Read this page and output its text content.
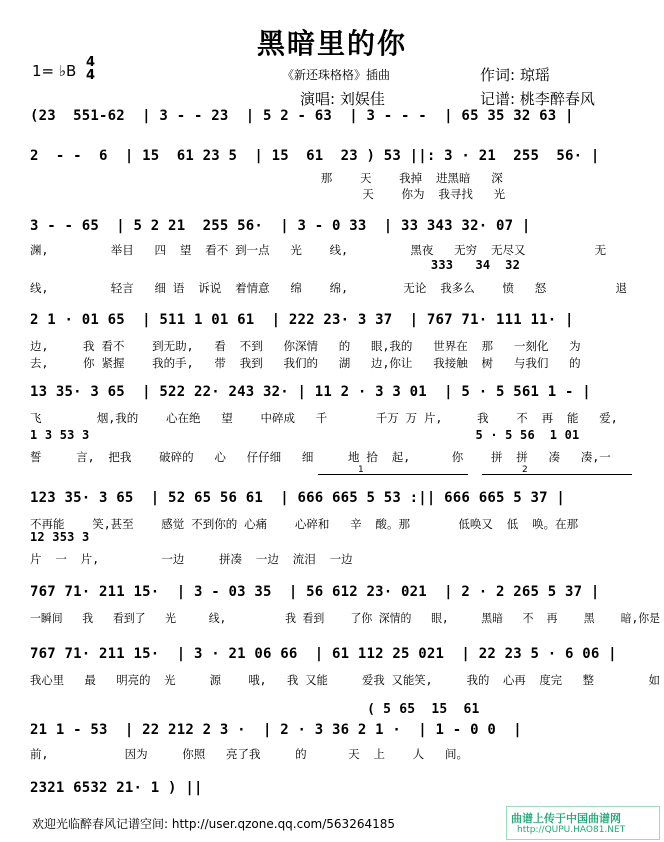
黑暗里的你
1= ♭B 4
4	《新还珠格格》插曲
演唱: 刘娱佳
作词: 琼瑶
记谱: 桃李醉春风
(23  551-62  | 3 - - 23  | 5 2 - 63  | 3 - - -  | 65 35 32 63 |
2  - -  6  | 15  61 23 5  | 15  61  23 ) 53 ||: 3 · 21  255  56· |
那    天    我掉  进黑暗   深
天    你为  我寻找   光
3 - - 65  | 5 2 21  255 56·  | 3 - 0 33  | 33 343 32· 07 |
渊,         举目   四  望  看不 到一点   光    线,         黑夜   无穷  无尽又          无
333   34  32
线,         轻言   细 语  诉说  着情意   绵    绵,        无论  我多么    愤   怒          退
2 1 · 01 65  | 511 1 01 61  | 222 23· 3 37  | 767 71· 111 11· |
边,     我 看不    到无助,   看  不到   你深情   的   眼,我的   世界在  那   一刻化   为
去,     你 紧握    我的手,   带  我到   我们的   湖   边,你让   我接触  树   与我们   的
13 35· 3 65  | 522 22· 243 32· | 11 2 · 3 3 01  | 5 · 5 561 1 - |
飞        烟,我的    心在绝   望    中碎成   千       千万 万 片,     我    不  再  能   爱,
1 3 53 3                                                    5 · 5 56  1 01
誓     言,  把我    破碎的   心   仔仔细   细     地 拾  起,      你    拼  拼   凑   凑,一
1	2
123 35· 3 65  | 52 65 56 61  | 666 665 5 53 :|| 666 665 5 37 |
不再能    笑,甚至    感觉 不到你的 心痛    心碎和   辛  酸。那       低唤又  低  唤。在那
12 353 3
片  一  片,         一边     拼凑  一边  流泪  一边
767 71· 211 15·  | 3 - 03 35  | 56 612 23· 021  | 2 · 2 265 5 37 |
一瞬间   我   看到了   光     线,         我 看到    了你 深情的   眼,     黑暗   不  再    黑    暗,你是
767 71· 211 15·  | 3 · 21 06 66  | 61 112 25 021  | 22 23 5 · 6 06 |
我心里   最   明亮的  光     源    哦,   我 又能     爱我 又能笑,     我的  心再  度完   整        如
21 1 - 53  | 22 212 2 3 ·  | 2 · 3 36 2 1 ·  | 1 - 0 0  |
( 5 65  15  61
前,           因为     你照   亮了我     的      天  上    人   间。
2321 6532 21· 1 ) ||
欢迎光临醉春风记谱空间: http://user.qzone.qq.com/563264185	曲谱上传于中国曲谱网
http://QUPU.HAO81.NET
